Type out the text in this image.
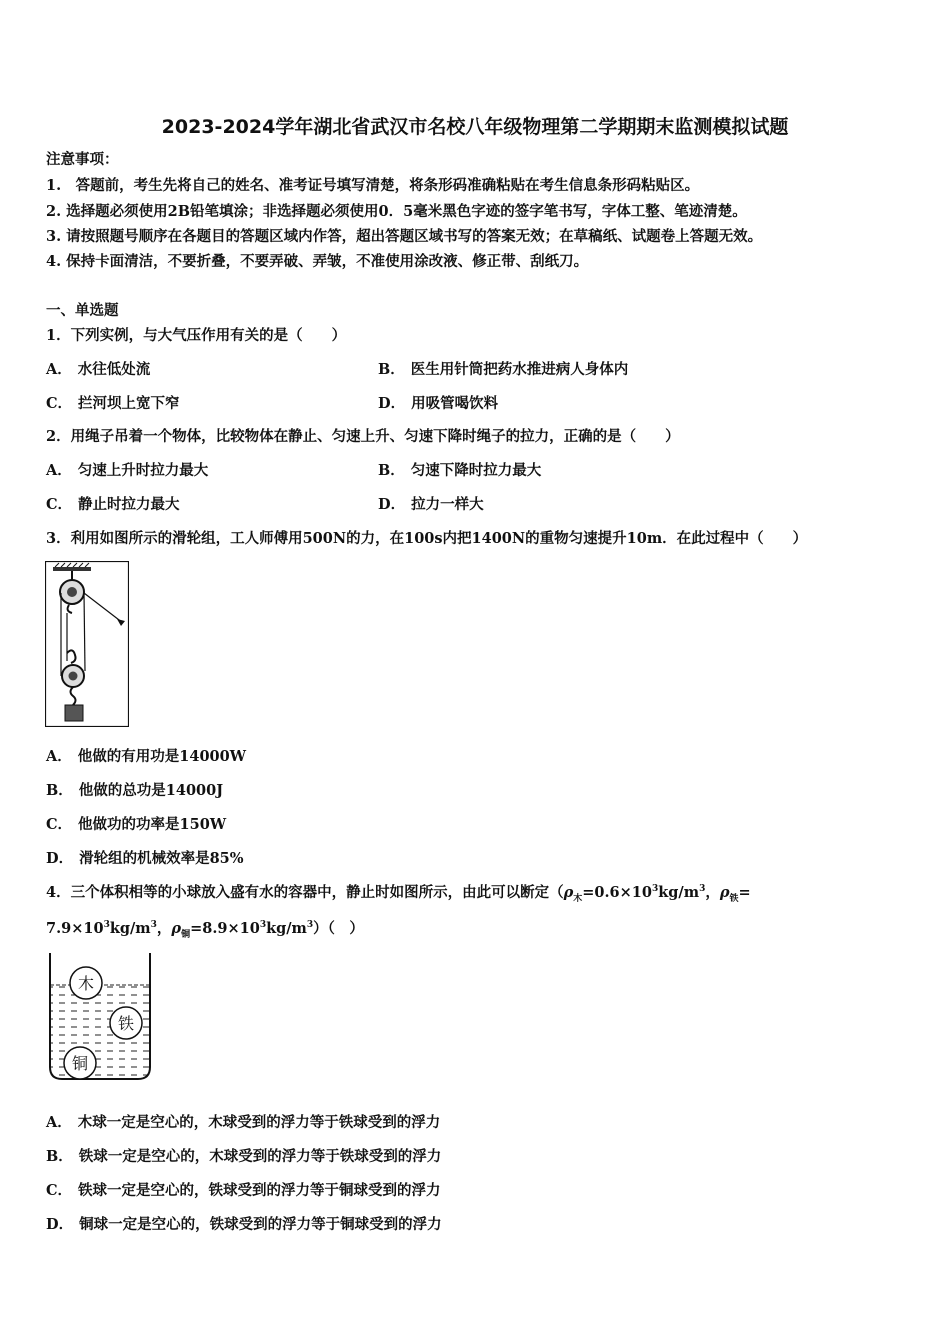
2023-2024学年湖北省武汉市名校八年级物理第二学期期末监测模拟试题
注意事项：
1.　答题前，考生先将自己的姓名、准考证号填写清楚，将条形码准确粘贴在考生信息条形码粘贴区。
2. 选择题必须使用2B铅笔填涂；非选择题必须使用0．5毫米黑色字迹的签字笔书写，字体工整、笔迹清楚。
3. 请按照题号顺序在各题目的答题区域内作答，超出答题区域书写的答案无效；在草稿纸、试题卷上答题无效。
4. 保持卡面清洁，不要折叠，不要弄破、弄皱，不准使用涂改液、修正带、刮纸刀。
一、单选题
1．下列实例，与大气压作用有关的是（　　）
A． 水往低处流	B． 医生用针筒把药水推进病人身体内
C． 拦河坝上宽下窄	D． 用吸管喝饮料
2．用绳子吊着一个物体，比较物体在静止、匀速上升、匀速下降时绳子的拉力，正确的是（　　）
A． 匀速上升时拉力最大	B． 匀速下降时拉力最大
C． 静止时拉力最大	D． 拉力一样大
3．利用如图所示的滑轮组，工人师傅用500N的力，在100s内把1400N的重物匀速提升10m．在此过程中（　　）
A． 他做的有用功是14000W
B． 他做的总功是14000J
C． 他做功的功率是150W
D． 滑轮组的机械效率是85%
4．三个体积相等的小球放入盛有水的容器中，静止时如图所示，由此可以断定（$\rho_木=0.6\times 10^3kg/m^3$，$\rho_铁=$
$7.9\times 10^3kg/m^3$，$\rho_铜=8.9\times 10^3kg/m^3$）（　）
木
铁
铜
A． 木球一定是空心的，木球受到的浮力等于铁球受到的浮力
B． 铁球一定是空心的，木球受到的浮力等于铁球受到的浮力
C． 铁球一定是空心的，铁球受到的浮力等于铜球受到的浮力
D． 铜球一定是空心的，铁球受到的浮力等于铜球受到的浮力
